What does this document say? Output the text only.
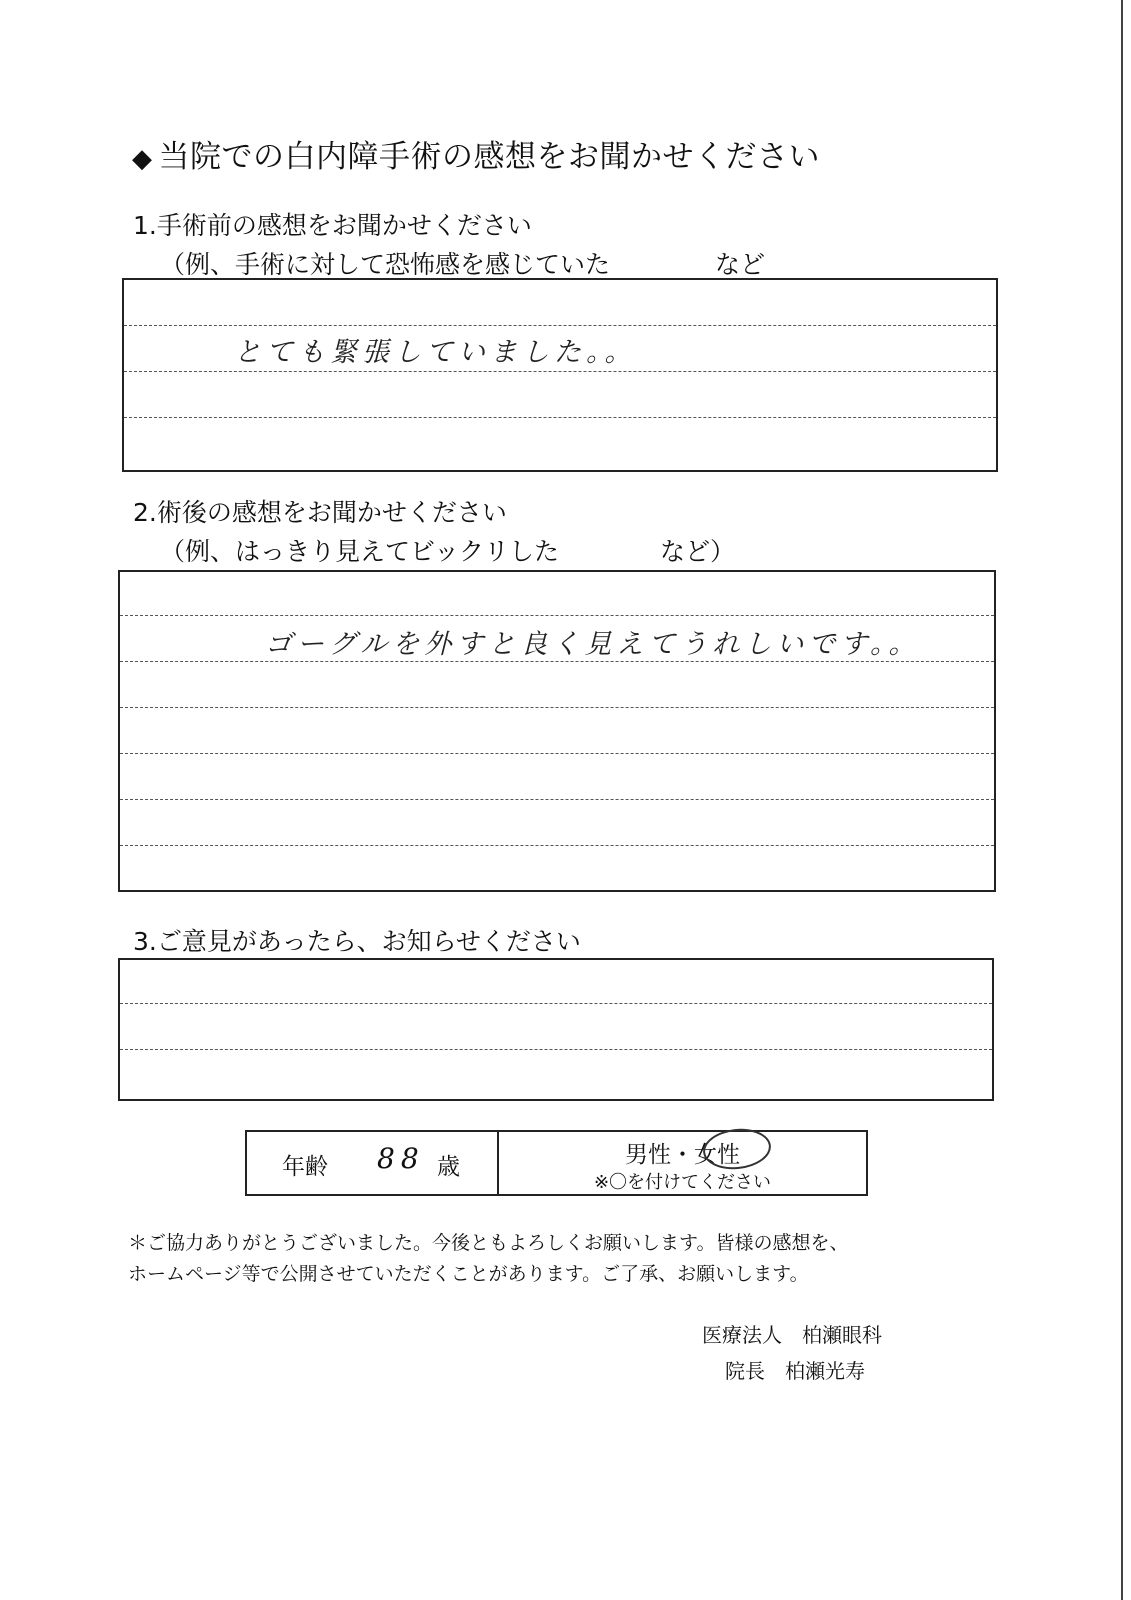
◆ 当院での白内障手術の感想をお聞かせください
1.手術前の感想をお聞かせください
（例、手術に対して恐怖感を感じていた	など
とても緊張していました。。
2.術後の感想をお聞かせください
（例、はっきり見えてビックリした	など）
ゴーグルを外すと良く見えてうれしいです。。
3.ご意見があったら、お知らせください
年齢 88 歳	男性・女性
※〇を付けてください
＊ご協力ありがとうございました。今後ともよろしくお願いします。皆様の感想を、
ホームページ等で公開させていただくことがあります。ご了承、お願いします。
医療法人　柏瀬眼科
院長　柏瀬光寿
